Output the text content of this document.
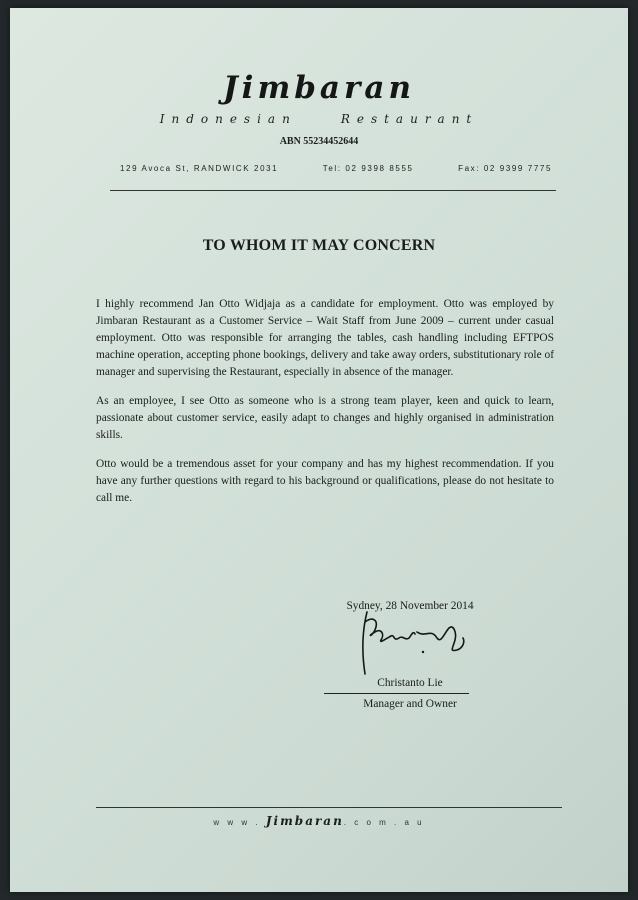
Jimbaran
Indonesian	Restaurant
ABN 55234452644
129 Avoca St, RANDWICK 2031	Tel: 02 9398 8555	Fax: 02 9399 7775
TO WHOM IT MAY CONCERN

I highly recommend Jan Otto Widjaja as a candidate for employment. Otto was employed by Jimbaran Restaurant as a Customer Service – Wait Staff from June 2009 – current under casual employment. Otto was responsible for arranging the tables, cash handling including EFTPOS machine operation, accepting phone bookings, delivery and take away orders, substitutionary role of manager and supervising the Restaurant, especially in absence of the manager.

As an employee, I see Otto as someone who is a strong team player, keen and quick to learn, passionate about customer service, easily adapt to changes and highly organised in administration skills.

Otto would be a tremendous asset for your company and has my highest recommendation. If you have any further questions with regard to his background or qualifications, please do not hesitate to call me.

Sydney, 28 November 2014
Christanto Lie
Manager and Owner
w w w . Jimbaran. c o m . a u
